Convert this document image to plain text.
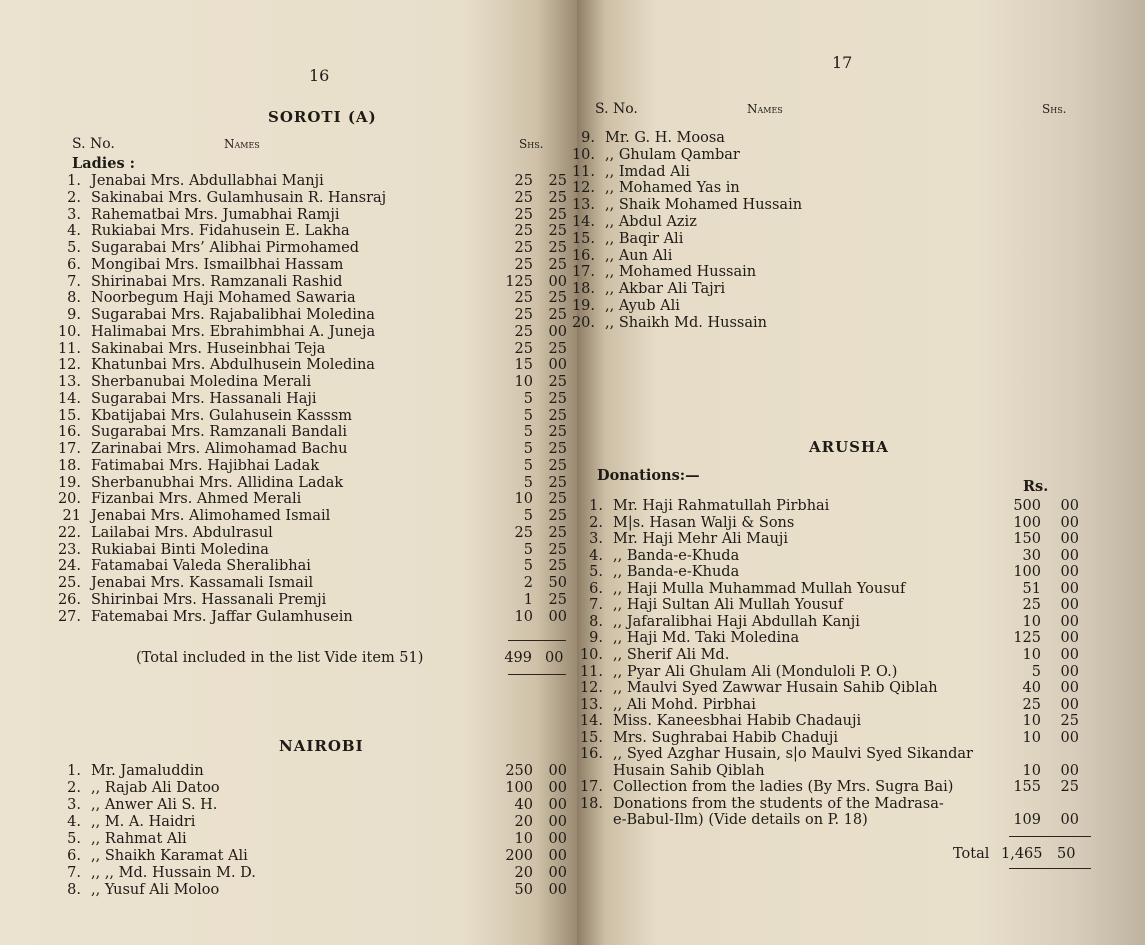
16
SOROTI (A)
S. No.	Names	Shs.
Ladies :
1. Jenabai Mrs. Abdullabhai Manji	25 25
2. Sakinabai Mrs. Gulamhusain R. Hansraj	25 25
3. Rahematbai Mrs. Jumabhai Ramji	25 25
4. Rukiabai Mrs. Fidahusein E. Lakha	25 25
5. Sugarabai Mrs’ Alibhai Pirmohamed	25 25
6. Mongibai Mrs. Ismailbhai Hassam	25 25
7. Shirinabai Mrs. Ramzanali Rashid	125 00
8. Noorbegum Haji Mohamed Sawaria	25 25
9. Sugarabai Mrs. Rajabalibhai Moledina	25 25
10. Halimabai Mrs. Ebrahimbhai A. Juneja	25 00
11. Sakinabai Mrs. Huseinbhai Teja	25 25
12. Khatunbai Mrs. Abdulhusein Moledina	15 00
13. Sherbanubai Moledina Merali	10 25
14. Sugarabai Mrs. Hassanali Haji	5 25
15. Kbatijabai Mrs. Gulahusein Kasssm	5 25
16. Sugarabai Mrs. Ramzanali Bandali	5 25
17. Zarinabai Mrs. Alimohamad Bachu	5 25
18. Fatimabai Mrs. Hajibhai Ladak	5 25
19. Sherbanubhai Mrs. Allidina Ladak	5 25
20. Fizanbai Mrs. Ahmed Merali	10 25
21 Jenabai Mrs. Alimohamed Ismail	5 25
22. Lailabai Mrs. Abdulrasul	25 25
23. Rukiabai Binti Moledina	5 25
24. Fatamabai Valeda Sheralibhai	5 25
25. Jenabai Mrs. Kassamali Ismail	2 50
26. Shirinbai Mrs. Hassanali Premji	1 25
27. Fatemabai Mrs. Jaffar Gulamhusein	10 00
(Total included in the list Vide item 51)	499 00
NAIROBI
1. Mr. Jamaluddin	250 00
2. ,, Rajab Ali Datoo	100 00
3. ,, Anwer Ali S. H.	40 00
4. ,, M. A. Haidri	20 00
5. ,, Rahmat Ali	10 00
6. ,, Shaikh Karamat Ali	200 00
7. ,, ,, Md. Hussain M. D.	20 00
8. ,, Yusuf Ali Moloo	50 00
17
S. No.	Names	Shs.
9. Mr. G. H. Moosa
10. ,, Ghulam Qambar
11. ,, Imdad Ali
12. ,, Mohamed Yas in
13. ,, Shaik Mohamed Hussain
14. ,, Abdul Aziz
15. ,, Baqir Ali
16. ,, Aun Ali
17. ,, Mohamed Hussain
18. ,, Akbar Ali Tajri
19. ,, Ayub Ali
20. ,, Shaikh Md. Hussain
ARUSHA
Donations:—
Rs.
1. Mr. Haji Rahmatullah Pirbhai	500 00
2. M|s. Hasan Walji & Sons	100 00
3. Mr. Haji Mehr Ali Mauji	150 00
4. ,, Banda-e-Khuda	30 00
5. ,, Banda-e-Khuda	100 00
6. ,, Haji Mulla Muhammad Mullah Yousuf	51 00
7. ,, Haji Sultan Ali Mullah Yousuf	25 00
8. ,, Jafaralibhai Haji Abdullah Kanji	10 00
9. ,, Haji Md. Taki Moledina	125 00
10. ,, Sherif Ali Md.	10 00
11. ,, Pyar Ali Ghulam Ali (Monduloli P. O.)	5 00
12. ,, Maulvi Syed Zawwar Husain Sahib Qiblah	40 00
13. ,, Ali Mohd. Pirbhai	25 00
14. Miss. Kaneesbhai Habib Chadauji	10 25
15. Mrs. Sughrabai Habib Chaduji	10 00
16. ,, Syed Azghar Husain, s|o Maulvi Syed Sikandar
Husain Sahib Qiblah	10 00
17. Collection from the ladies (By Mrs. Sugra Bai)	155 25
18. Donations from the students of the Madrasa-
e-Babul-Ilm) (Vide details on P. 18)	109 00
Total 1,465 50
